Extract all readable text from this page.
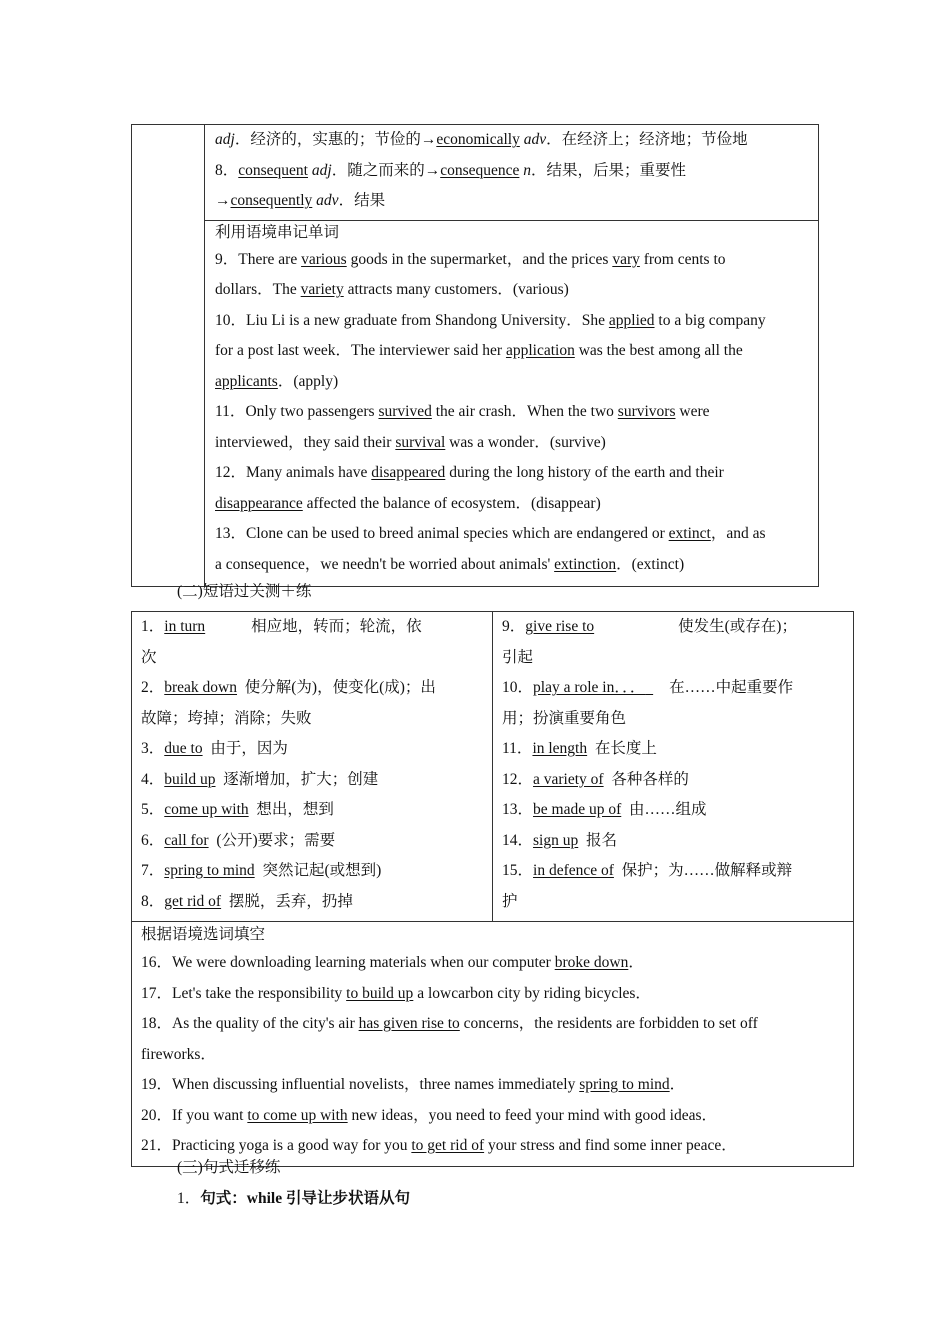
adj．经济的，实惠的；节俭的→economically adv．在经济上；经济地；节俭地
8．consequent adj．随之而来的→consequence n．结果，后果；重要性
→consequently adv．结果

利用语境串记单词
9．There are various goods in the supermarket，and the prices vary from cents to
dollars．The variety attracts many customers．(various)
10．Liu Li is a new graduate from Shandong University．She applied to a big company
for a post last week．The interviewer said her application was the best among all the
applicants．(apply)
11．Only two passengers survived the air crash．When the two survivors were
interviewed，they said their survival was a wonder．(survive)
12．Many animals have disappeared during the long history of the earth and their
disappearance affected the balance of ecosystem．(disappear)
13．Clone can be used to breed animal species which are endangered or extinct，and as
a consequence，we needn't be worried about animals' extinction．(extinct)
(二)短语过关测＋练
1．in turn	相应地，转而；轮流，依
次
2．break down 使分解(为)，使变化(成)；出
故障；垮掉；消除；失败
3．due to 由于，因为
4．build up 逐渐增加，扩大；创建
5．come up with 想出，想到
6．call for (公开)要求；需要
7．spring to mind 突然记起(或想到)
8．get rid of 摆脱，丢弃，扔掉

9．give rise to	使发生(或存在)；
引起
10．play a role in．．． 在……中起重要作
用；扮演重要角色
11．in length 在长度上
12．a variety of 各种各样的
13．be made up of 由……组成
14．sign up 报名
15．in defence of 保护；为……做解释或辩
护

根据语境选词填空
16．We were downloading learning materials when our computer broke down．
17．Let's take the responsibility to build up a lowcarbon city by riding bicycles．
18．As the quality of the city's air has given rise to concerns，the residents are forbidden to set off
fireworks．
19．When discussing influential novelists，three names immediately spring to mind．
20．If you want to come up with new ideas，you need to feed your mind with good ideas．
21．Practicing yoga is a good way for you to get rid of your stress and find some inner peace．
(三)句式迁移练
1．句式：while 引导让步状语从句
